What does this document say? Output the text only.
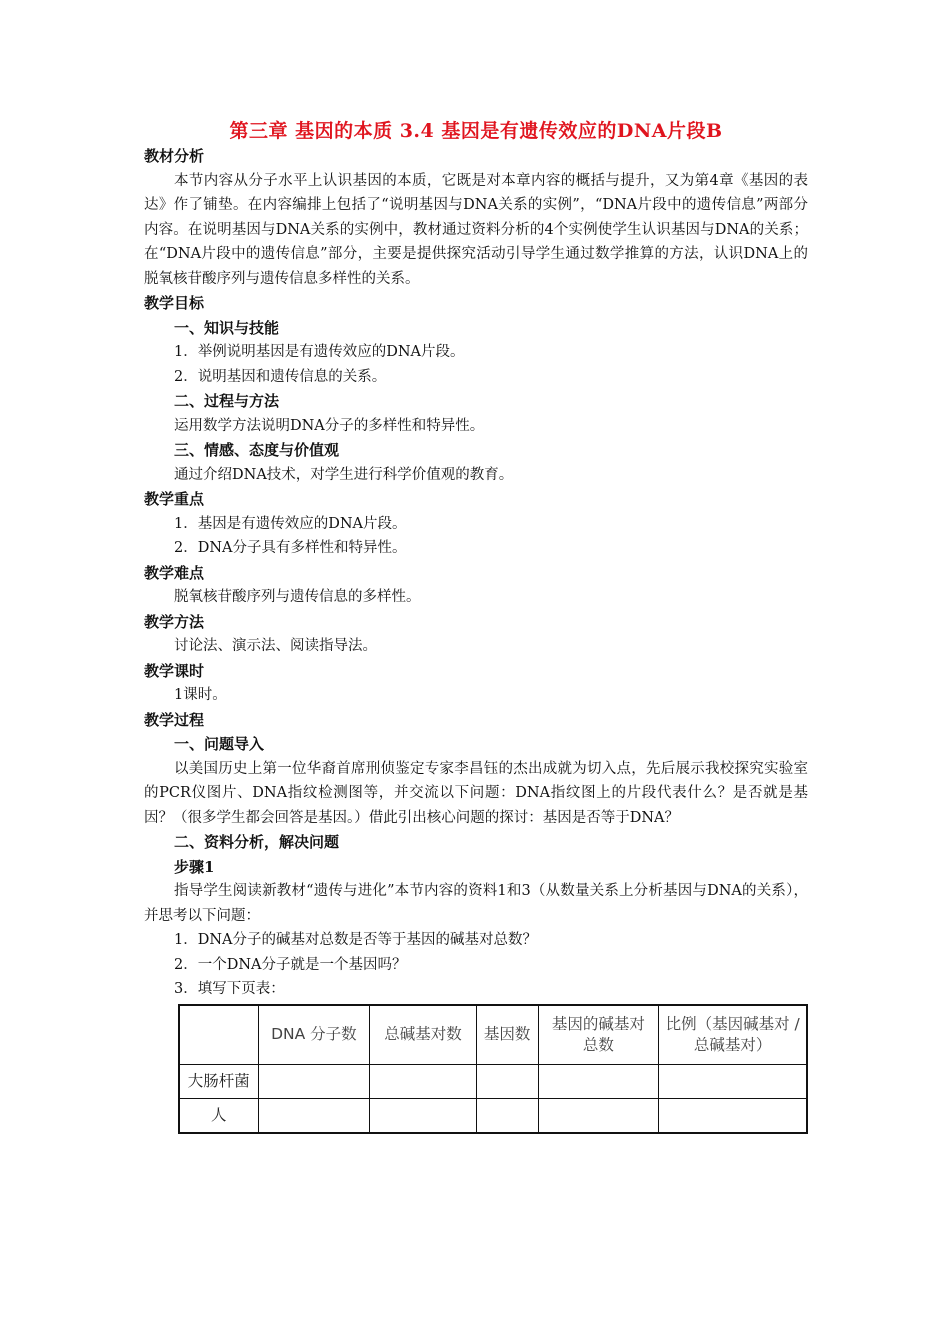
第三章 基因的本质 3.4 基因是有遗传效应的DNA片段B

教材分析

本节内容从分子水平上认识基因的本质，它既是对本章内容的概括与提升，又为第4章《基因的表达》作了铺垫。在内容编排上包括了“说明基因与DNA关系的实例”，“DNA片段中的遗传信息”两部分内容。在说明基因与DNA关系的实例中，教材通过资料分析的4个实例使学生认识基因与DNA的关系；在“DNA片段中的遗传信息”部分，主要是提供探究活动引导学生通过数学推算的方法，认识DNA上的脱氧核苷酸序列与遗传信息多样性的关系。

教学目标

一、知识与技能

1．举例说明基因是有遗传效应的DNA片段。

2．说明基因和遗传信息的关系。

二、过程与方法

运用数学方法说明DNA分子的多样性和特异性。

三、情感、态度与价值观

通过介绍DNA技术，对学生进行科学价值观的教育。

教学重点

1．基因是有遗传效应的DNA片段。

2．DNA分子具有多样性和特异性。

教学难点

脱氧核苷酸序列与遗传信息的多样性。

教学方法

讨论法、演示法、阅读指导法。

教学课时

1课时。

教学过程

一、问题导入

以美国历史上第一位华裔首席刑侦鉴定专家李昌钰的杰出成就为切入点，先后展示我校探究实验室的PCR仪图片、DNA指纹检测图等，并交流以下问题：DNA指纹图上的片段代表什么？是否就是基因？（很多学生都会回答是基因。）借此引出核心问题的探讨：基因是否等于DNA？

二、资料分析，解决问题

步骤1

指导学生阅读新教材“遗传与进化”本节内容的资料1和3（从数量关系上分析基因与DNA的关系），并思考以下问题：

1．DNA分子的碱基对总数是否等于基因的碱基对总数？

2．一个DNA分子就是一个基因吗？

3．填写下页表：

	DNA 分子数	总碱基对数	基因数	基因的碱基对总数	比例（基因碱基对 / 总碱基对）
大肠杆菌					
人					
